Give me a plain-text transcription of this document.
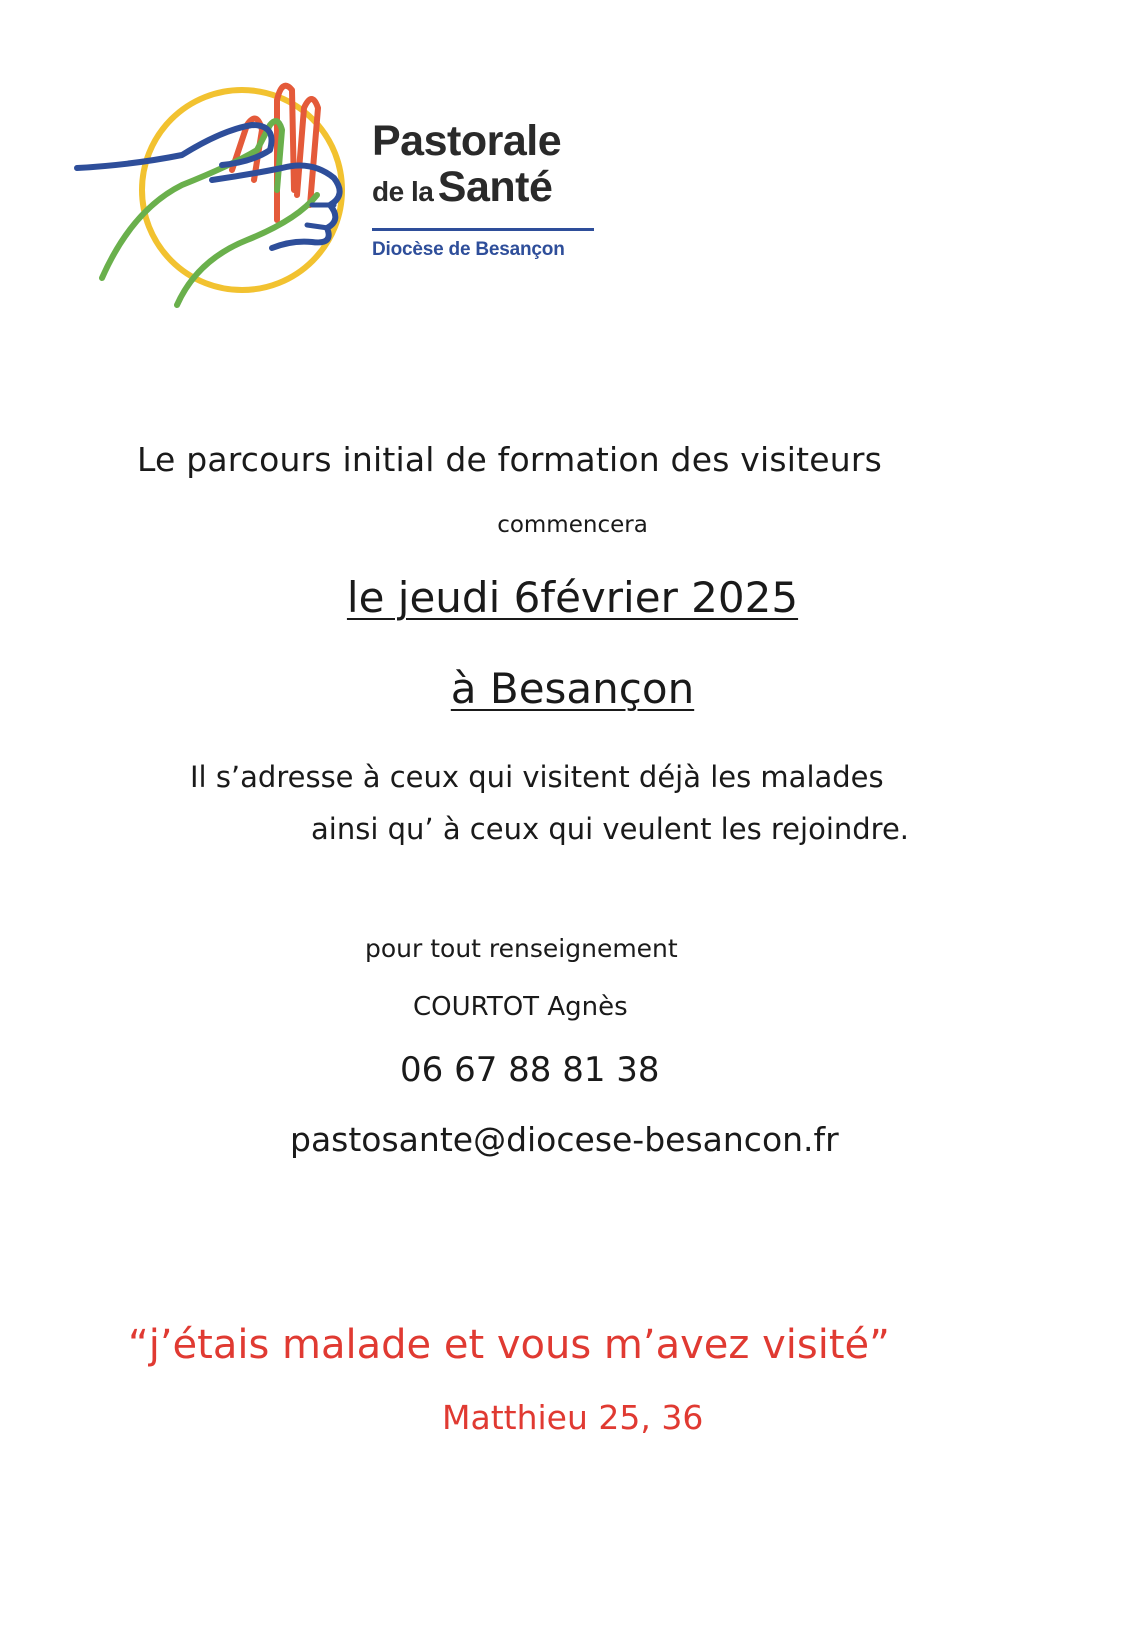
Pastorale
de la Santé
Diocèse de Besançon
Le parcours initial de formation des visiteurs
commencera
le jeudi 6février 2025
à Besançon
Il s’adresse à ceux qui visitent déjà les malades
ainsi qu’ à ceux qui veulent les rejoindre.
pour tout renseignement
COURTOT Agnès
06 67 88 81 38
pastosante@diocese-besancon.fr
“j’étais malade et vous m’avez visité”
Matthieu 25, 36
